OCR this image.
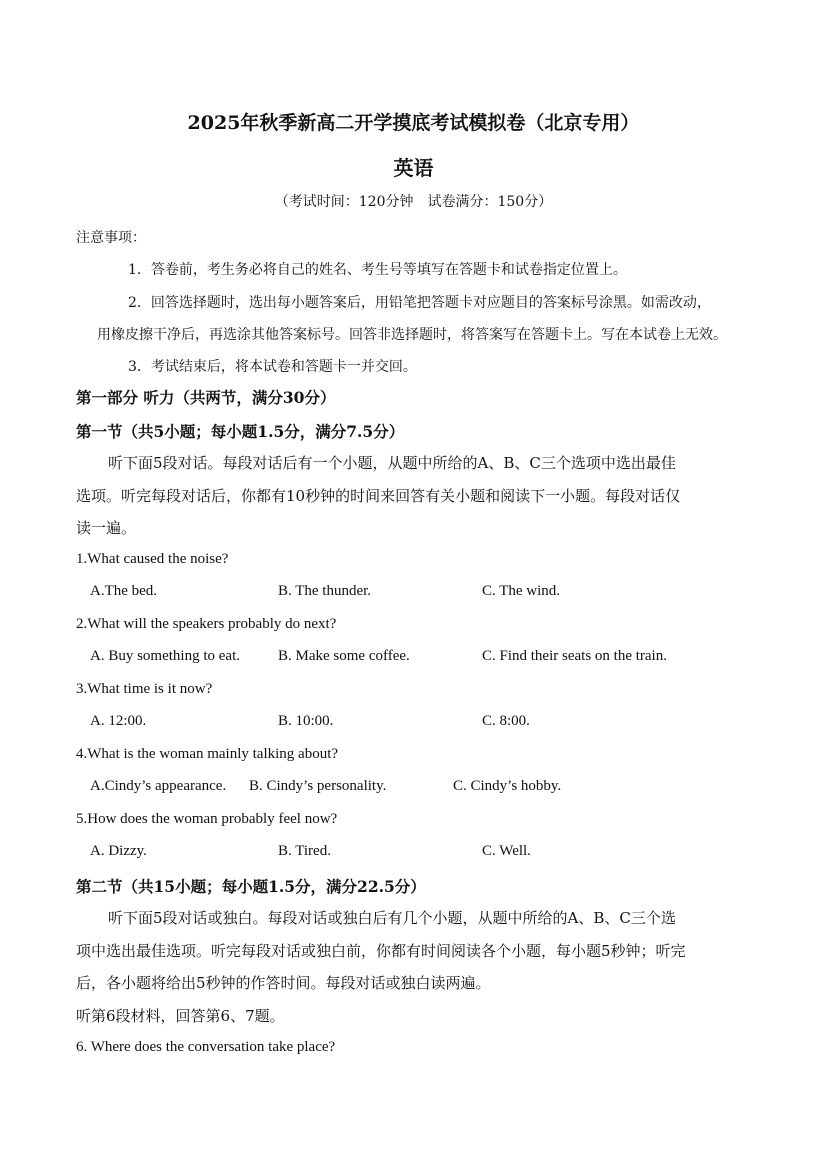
2025年秋季新高二开学摸底考试模拟卷（北京专用）
英语
（考试时间：120分钟　试卷满分：150分）
注意事项：
1．答卷前，考生务必将自己的姓名、考生号等填写在答题卡和试卷指定位置上。
2．回答选择题时，选出每小题答案后，用铅笔把答题卡对应题目的答案标号涂黑。如需改动，
用橡皮擦干净后，再选涂其他答案标号。回答非选择题时，将答案写在答题卡上。写在本试卷上无效。
3．考试结束后，将本试卷和答题卡一并交回。
第一部分 听力（共两节，满分30分）
第一节（共5小题；每小题1.5分，满分7.5分）
听下面5段对话。每段对话后有一个小题，从题中所给的A、B、C三个选项中选出最佳
选项。听完每段对话后，你都有10秒钟的时间来回答有关小题和阅读下一小题。每段对话仅
读一遍。
1.What caused the noise?
A.The bed.	B. The thunder.	C. The wind.
2.What will the speakers probably do next?
A. Buy something to eat.	B. Make some coffee.	C. Find their seats on the train.
3.What time is it now?
A. 12:00.	B. 10:00.	C. 8:00.
4.What is the woman mainly talking about?
A.Cindy’s appearance. B. Cindy’s personality.	C. Cindy’s hobby.
5.How does the woman probably feel now?
A. Dizzy.	B. Tired.	C. Well.
第二节（共15小题；每小题1.5分，满分22.5分）
听下面5段对话或独白。每段对话或独白后有几个小题，从题中所给的A、B、C三个选
项中选出最佳选项。听完每段对话或独白前，你都有时间阅读各个小题，每小题5秒钟；听完
后，各小题将给出5秒钟的作答时间。每段对话或独白读两遍。
听第6段材料，回答第6、7题。
6. Where does the conversation take place?
